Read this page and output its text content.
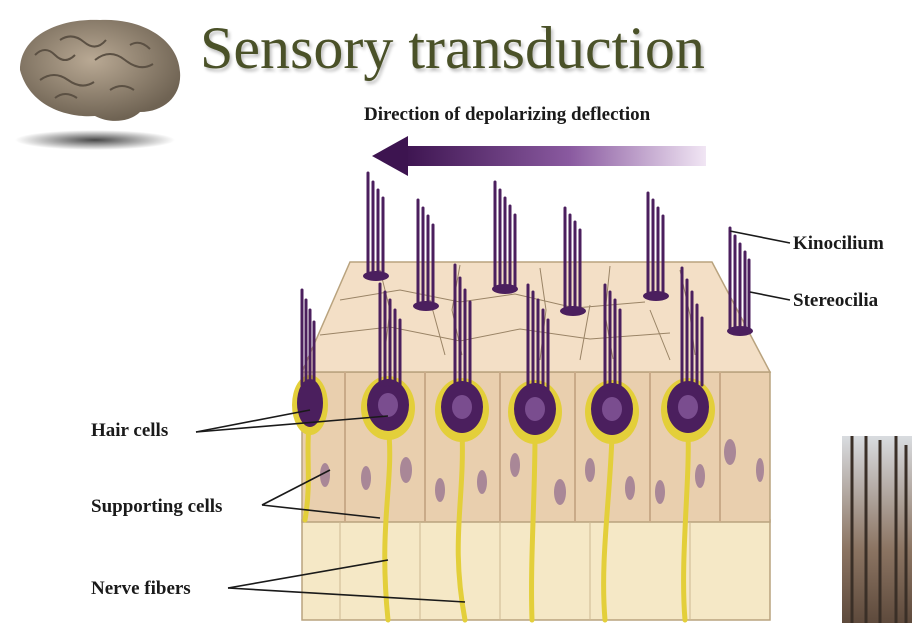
Sensory transduction
Direction of depolarizing deflection
Kinocilium
Stereocilia
Hair cells
Supporting cells
Nerve fibers
